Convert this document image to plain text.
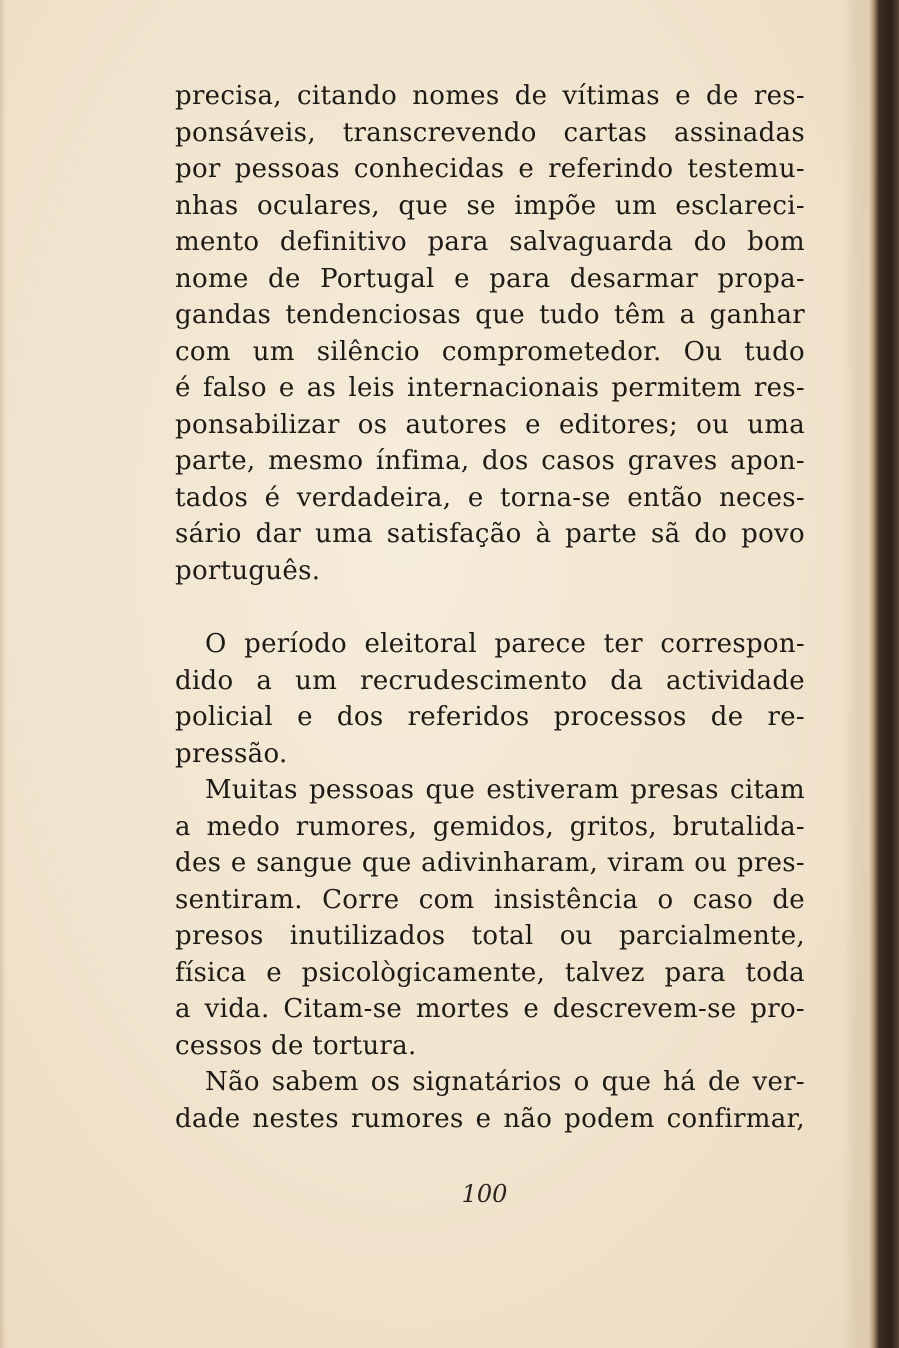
precisa, citando nomes de vítimas e de res-
ponsáveis, transcrevendo cartas assinadas
por pessoas conhecidas e referindo testemu-
nhas oculares, que se impõe um esclareci-
mento definitivo para salvaguarda do bom
nome de Portugal e para desarmar propa-
gandas tendenciosas que tudo têm a ganhar
com um silêncio comprometedor. Ou tudo
é falso e as leis internacionais permitem res-
ponsabilizar os autores e editores; ou uma
parte, mesmo ínfima, dos casos graves apon-
tados é verdadeira, e torna-se então neces-
sário dar uma satisfação à parte sã do povo
português.
O período eleitoral parece ter correspon-
dido a um recrudescimento da actividade
policial e dos referidos processos de re-
pressão.
Muitas pessoas que estiveram presas citam
a medo rumores, gemidos, gritos, brutalida-
des e sangue que adivinharam, viram ou pres-
sentiram. Corre com insistência o caso de
presos inutilizados total ou parcialmente,
física e psicològicamente, talvez para toda
a vida. Citam-se mortes e descrevem-se pro-
cessos de tortura.
Não sabem os signatários o que há de ver-
dade nestes rumores e não podem confirmar,
100
